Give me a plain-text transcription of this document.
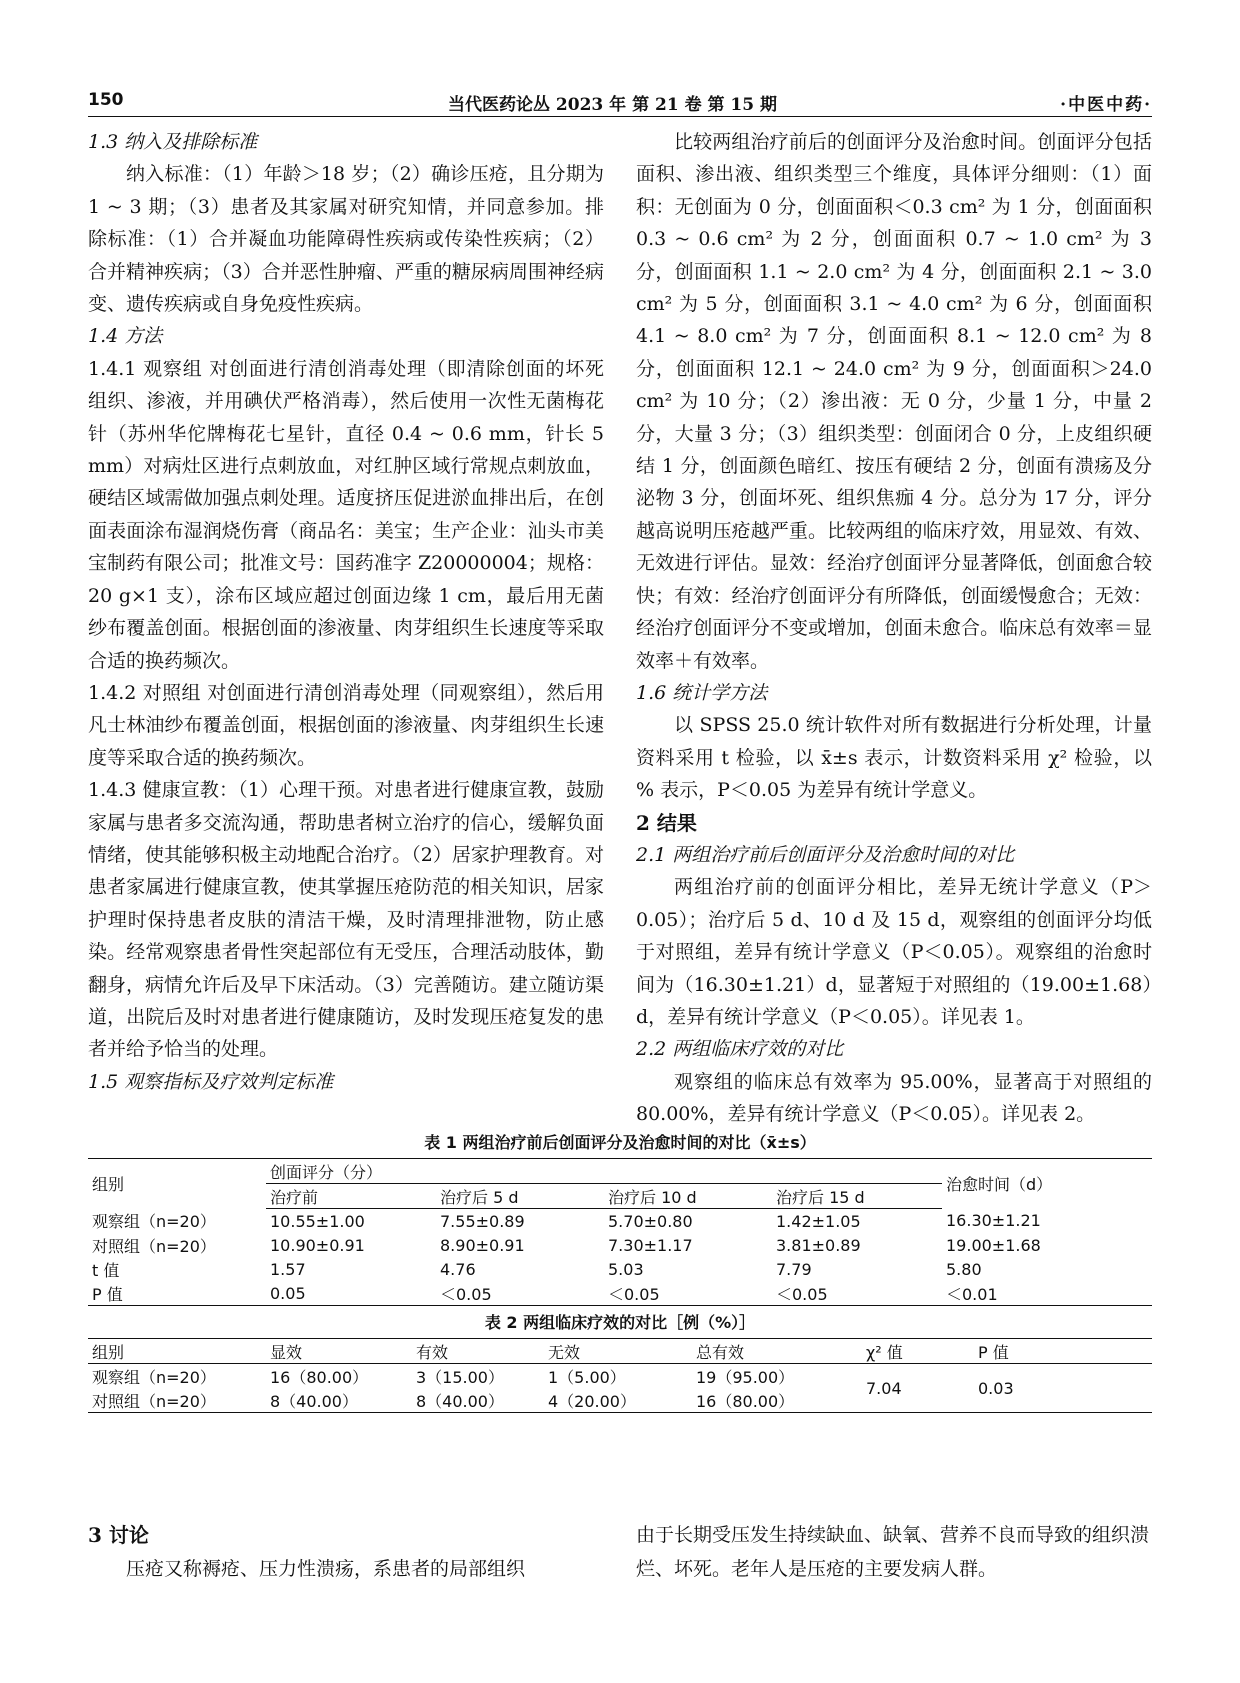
150	当代医药论丛 2023 年 第 21 卷 第 15 期	·中医中药·

1.3 纳入及排除标准

纳入标准：（1）年龄＞18 岁；（2）确诊压疮，且分期为 1 ~ 3 期；（3）患者及其家属对研究知情，并同意参加。排除标准：（1）合并凝血功能障碍性疾病或传染性疾病；（2）合并精神疾病；（3）合并恶性肿瘤、严重的糖尿病周围神经病变、遗传疾病或自身免疫性疾病。

1.4 方法

1.4.1 观察组 对创面进行清创消毒处理（即清除创面的坏死组织、渗液，并用碘伏严格消毒），然后使用一次性无菌梅花针（苏州华佗牌梅花七星针，直径 0.4 ~ 0.6 mm，针长 5 mm）对病灶区进行点刺放血，对红肿区域行常规点刺放血，硬结区域需做加强点刺处理。适度挤压促进淤血排出后，在创面表面涂布湿润烧伤膏（商品名：美宝；生产企业：汕头市美宝制药有限公司；批准文号：国药准字 Z20000004；规格：20 g×1 支），涂布区域应超过创面边缘 1 cm，最后用无菌纱布覆盖创面。根据创面的渗液量、肉芽组织生长速度等采取合适的换药频次。

1.4.2 对照组 对创面进行清创消毒处理（同观察组），然后用凡士林油纱布覆盖创面，根据创面的渗液量、肉芽组织生长速度等采取合适的换药频次。

1.4.3 健康宣教：（1）心理干预。对患者进行健康宣教，鼓励家属与患者多交流沟通，帮助患者树立治疗的信心，缓解负面情绪，使其能够积极主动地配合治疗。（2）居家护理教育。对患者家属进行健康宣教，使其掌握压疮防范的相关知识，居家护理时保持患者皮肤的清洁干燥，及时清理排泄物，防止感染。经常观察患者骨性突起部位有无受压，合理活动肢体，勤翻身，病情允许后及早下床活动。（3）完善随访。建立随访渠道，出院后及时对患者进行健康随访，及时发现压疮复发的患者并给予恰当的处理。

1.5 观察指标及疗效判定标准

比较两组治疗前后的创面评分及治愈时间。创面评分包括面积、渗出液、组织类型三个维度，具体评分细则：（1）面积：无创面为 0 分，创面面积＜0.3 cm² 为 1 分，创面面积 0.3 ~ 0.6 cm² 为 2 分，创面面积 0.7 ~ 1.0 cm² 为 3 分，创面面积 1.1 ~ 2.0 cm² 为 4 分，创面面积 2.1 ~ 3.0 cm² 为 5 分，创面面积 3.1 ~ 4.0 cm² 为 6 分，创面面积 4.1 ~ 8.0 cm² 为 7 分，创面面积 8.1 ~ 12.0 cm² 为 8 分，创面面积 12.1 ~ 24.0 cm² 为 9 分，创面面积＞24.0 cm² 为 10 分；（2）渗出液：无 0 分，少量 1 分，中量 2 分，大量 3 分；（3）组织类型：创面闭合 0 分，上皮组织硬结 1 分，创面颜色暗红、按压有硬结 2 分，创面有溃疡及分泌物 3 分，创面坏死、组织焦痂 4 分。总分为 17 分，评分越高说明压疮越严重。比较两组的临床疗效，用显效、有效、无效进行评估。显效：经治疗创面评分显著降低，创面愈合较快；有效：经治疗创面评分有所降低，创面缓慢愈合；无效：经治疗创面评分不变或增加，创面未愈合。临床总有效率＝显效率＋有效率。

1.6 统计学方法

以 SPSS 25.0 统计软件对所有数据进行分析处理，计量资料采用 t 检验，以 x̄±s 表示，计数资料采用 χ² 检验，以 % 表示，P＜0.05 为差异有统计学意义。

2 结果

2.1 两组治疗前后创面评分及治愈时间的对比

两组治疗前的创面评分相比，差异无统计学意义（P＞0.05）；治疗后 5 d、10 d 及 15 d，观察组的创面评分均低于对照组，差异有统计学意义（P＜0.05）。观察组的治愈时间为（16.30±1.21）d，显著短于对照组的（19.00±1.68）d，差异有统计学意义（P＜0.05）。详见表 1。

2.2 两组临床疗效的对比

观察组的临床总有效率为 95.00%，显著高于对照组的 80.00%，差异有统计学意义（P＜0.05）。详见表 2。

表 1 两组治疗前后创面评分及治愈时间的对比（x̄±s）
组别	创面评分（分）				治愈时间（d）
	治疗前	治疗后 5 d	治疗后 10 d	治疗后 15 d	
观察组（n=20）	10.55±1.00	7.55±0.89	5.70±0.80	1.42±1.05	16.30±1.21
对照组（n=20）	10.90±0.91	8.90±0.91	7.30±1.17	3.81±0.89	19.00±1.68
t 值	1.57	4.76	5.03	7.79	5.80
P 值	0.05	＜0.05	＜0.05	＜0.05	＜0.01
表 2 两组临床疗效的对比［例（%）］
组别	显效	有效	无效	总有效	χ² 值	P 值
观察组（n=20）	16（80.00）	3（15.00）	1（5.00）	19（95.00）	7.04	0.03
对照组（n=20）	8（40.00）	8（40.00）	4（20.00）	16（80.00）		

3 讨论

压疮又称褥疮、压力性溃疡，系患者的局部组织

由于长期受压发生持续缺血、缺氧、营养不良而导致的组织溃烂、坏死。老年人是压疮的主要发病人群。
